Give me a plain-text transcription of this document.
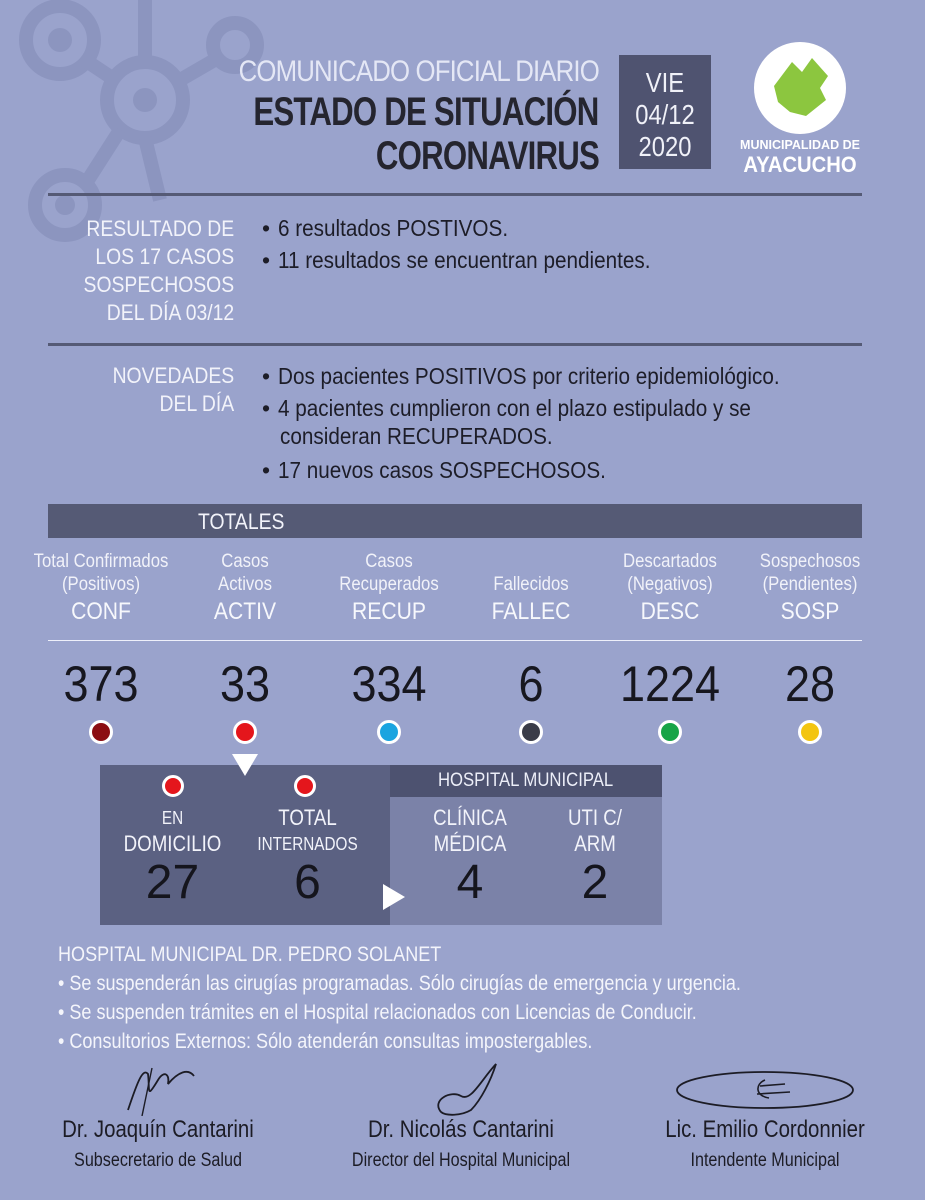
COMUNICADO OFICIAL DIARIO
ESTADO DE SITUACIÓN
CORONAVIRUS
VIE
04/12
2020	MUNICIPALIDAD DE
AYACUCHO
RESULTADO DE
LOS 17 CASOS
SOSPECHOSOS
DEL DÍA 03/12
• 6 resultados POSTIVOS.
• 11 resultados se encuentran pendientes.
NOVEDADES
DEL DÍA
• Dos pacientes POSITIVOS por criterio epidemiológico.
• 4 pacientes cumplieron con el plazo estipulado y se
consideran RECUPERADOS.
• 17 nuevos casos SOSPECHOSOS.
TOTALES
Total Confirmados
(Positivos)
CONF
373
Casos
Activos
ACTIV
33
Casos
Recuperados
RECUP
334
Fallecidos
FALLEC
6
Descartados
(Negativos)
DESC
1224
Sospechosos
(Pendientes)
SOSP
28
HOSPITAL MUNICIPAL
EN
DOMICILIO
27
TOTAL
INTERNADOS
6
CLÍNICA
MÉDICA
4
UTI C/
ARM
2
HOSPITAL MUNICIPAL DR. PEDRO SOLANET
• Se suspenderán las cirugías programadas. Sólo cirugías de emergencia y urgencia.
• Se suspenden trámites en el Hospital relacionados con Licencias de Conducir.
• Consultorios Externos: Sólo atenderán consultas impostergables.
Dr. Joaquín Cantarini
Subsecretario de Salud
Dr. Nicolás Cantarini
Director del Hospital Municipal
Lic. Emilio Cordonnier
Intendente Municipal
